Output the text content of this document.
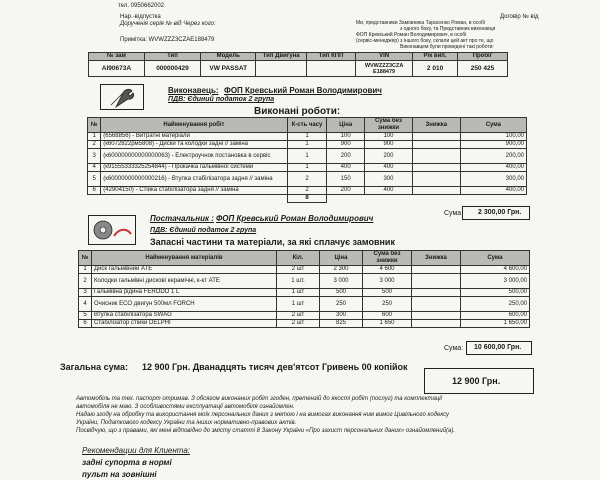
тел. 0950662002
Нар.-вiдпустка
Дорученiя серiя № від Через кого:
Договір № від
Ми, представники Замовника Тарасенко Роман, в особі
з одного боку, та Представник виконавця
ФОП Кревський Роман Володимирович, в особі
(сервіс-менеджер) з іншого боку, склали цей акт про те, що
Виконавцем були проведені такі роботи:
Примітка: WVWZZZ3CZAE188479
№ зам	Тип	Модель	Тип Двигуна	Тип КПП	VIN	Рік вип.	Пробіг
AI90673A	000000429	VW PASSAT			WVWZZZ3CZA E188479	2 010	250 425
Виконавець: ФОП Кревський Роман Володимирович
ПДВ: Єдиний податок 2 група
Виконані роботи:
№	Найменування робіт	К-сть часу	Ціна	Сума без знижки	Знижка	Сума
1	(6568856) - Витратні матеріали	1	100	100		100,00
2	(к6072822рм5808) - Диски та колодки задні // заміна	1	900	900		900,00
3	(к600000000000000063) - Електроучнок постановка в сервіс	1	200	200		200,00
4	(к91555333325254844) - Прокачка гальмівної системи	1	400	400		400,00
5	(к60000000000000216) - Втулка стабілізатора задня // заміна	2	150	300		300,00
6	(42904150) - Стійка стабілізатора задня // заміна	2	200	400		400,00
		8				
Сума 2 300,00 Грн.
Постачальник : ФОП Кревський Роман Володимирович
ПДВ: Єдиний податок 2 група
Запасні частини та матеріали, за які сплачує замовник
№	Найменування матеріалів	Кіл.	Ціна	Сума без знижки	Знижка	Сума
1	Диск гальмівний ATE	2 шт	2 300	4 600		4 600,00
2	Колодки гальмівні дискові керамічні, к-кт ATE	1 шт.	3 000	3 000		3 000,00
3	Гальмівна рідина FERODO 1 L	1 шт	500	500		500,00
4	Очисник ECO двигун 500мл FORCH	1 шт	250	250		250,00
5	Втулка стабілізатора SWAG	2 шт	300	600		600,00
6	Стабілізатор стійки DELPHI	2 шт	825	1 650		1 650,00
Сума: 10 600,00 Грн.
Загальна сума: 12 900 Грн. Дванадцять тисяч дев'ятсот Гривень 00 копійок
12 900 Грн.
Автомобіль та тех. паспорт отримав. З обсягом виконаних робіт згоден, претензій до якості робіт (послуг) та комплектації
автомобіля не маю. З особливостями експлуатації автомобіля ознайомлен.
Надаю згоду на обробку та використання моїх персональних даних з метою і на вимогах виконання ним вимог Цивільного кодексу
України, Податкового кодексу України та інших нормативно-правових актів.
Посвідчую, що з правами, які мені відповідно до змісту статті 8 Закону України «Про захист персональних даних» ознайомлений(а).
Рекомендации для Клиента:
задні супорта в нормі
пульт на зовнішні
